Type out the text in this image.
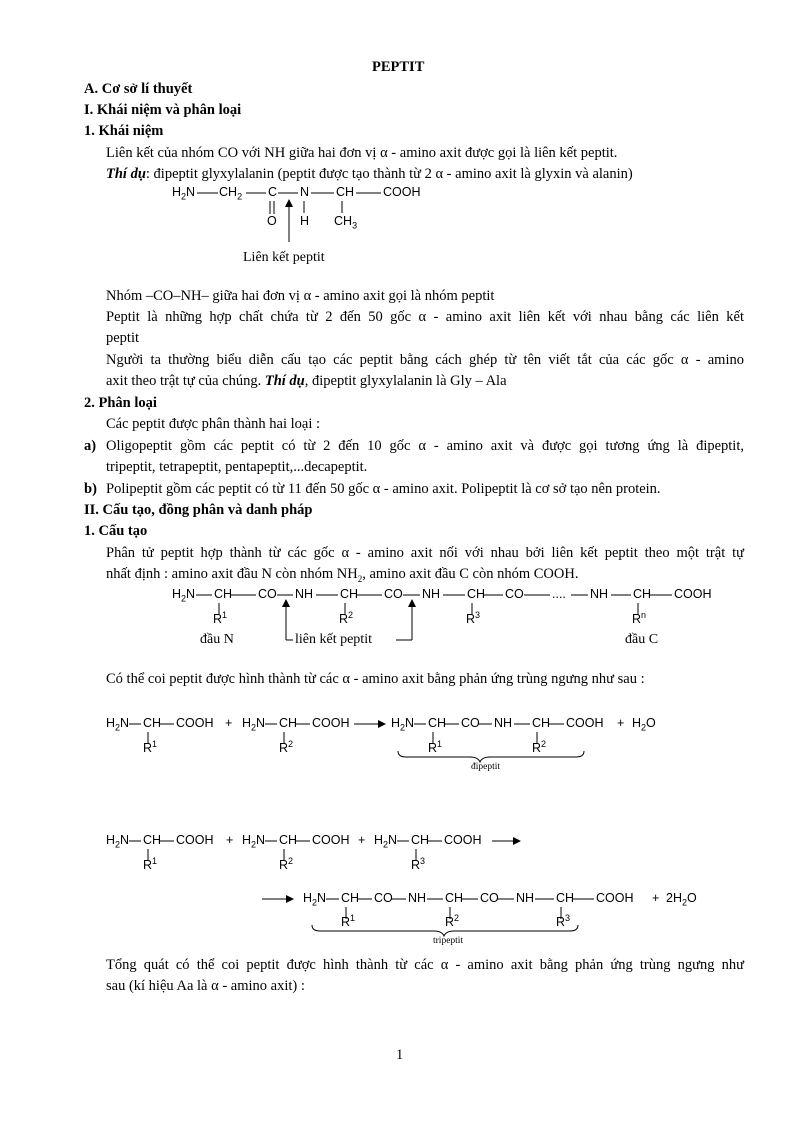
PEPTIT
A. Cơ sở lí thuyết
I. Khái niệm và phân loại
1. Khái niệm
Liên kết của nhóm CO với NH giữa hai đơn vị α - amino axit được gọi là liên kết peptit.
Thí dụ: đipeptit glyxylalanin (peptit được tạo thành từ 2 α - amino axit là glyxin và alanin)
$H_2N$ $CH_2$ C N CH COOH
O H $CH_3$
Liên kết peptit
Nhóm –CO–NH– giữa hai đơn vị α - amino axit gọi là nhóm peptit
Peptit là những hợp chất chứa từ 2 đến 50 gốc α - amino axit liên kết với nhau bằng các liên kết
peptit
Người ta thường biểu diễn cấu tạo các peptit bằng cách ghép từ tên viết tắt của các gốc α - amino
axit theo trật tự của chúng. Thí dụ, đipeptit glyxylalanin là Gly – Ala
2. Phân loại
Các peptit được phân thành hai loại :
a) Oligopeptit gồm các peptit có từ 2 đến 10 gốc α - amino axit và được gọi tương ứng là đipeptit,
tripeptit, tetrapeptit, pentapeptit,...decapeptit.
b) Polipeptit gồm các peptit có từ 11 đến 50 gốc α - amino axit. Polipeptit là cơ sở tạo nên protein.
II. Cấu tạo, đồng phân và danh pháp
1. Cấu tạo
Phân tử peptit hợp thành từ các gốc α - amino axit nối với nhau bởi liên kết peptit theo một trật tự
nhất định : amino axit đầu N còn nhóm $NH_2$, amino axit đầu C còn nhóm COOH.
$H_2N$ CH CO NH CH CO NH CH CO .... NH CH COOH
$R^1$	$R^2$	$R^3$	$R^n$
đầu N	liên kết peptit	đầu C
Có thể coi peptit được hình thành từ các α - amino axit bằng phản ứng trùng ngưng như sau :
$H_2N$ CH COOH + $H_2N$ CH COOH	$H_2N$ CH CO NH CH COOH + $H_2O$
$R^1$	$R^2$	$R^1$	$R^2$
đipeptit
$H_2N$ CH COOH + $H_2N$ CH COOH + $H_2N$ CH COOH
$R^1$	$R^2$	$R^3$
$H_2N$ CH CO NH CH CO NH CH COOH + $2H_2O$
$R^1$	$R^2$	$R^3$
tripeptit
Tổng quát có thể coi peptit được hình thành từ các α - amino axit bằng phản ứng trùng ngưng như
sau (kí hiệu Aa là α - amino axit) :
1
